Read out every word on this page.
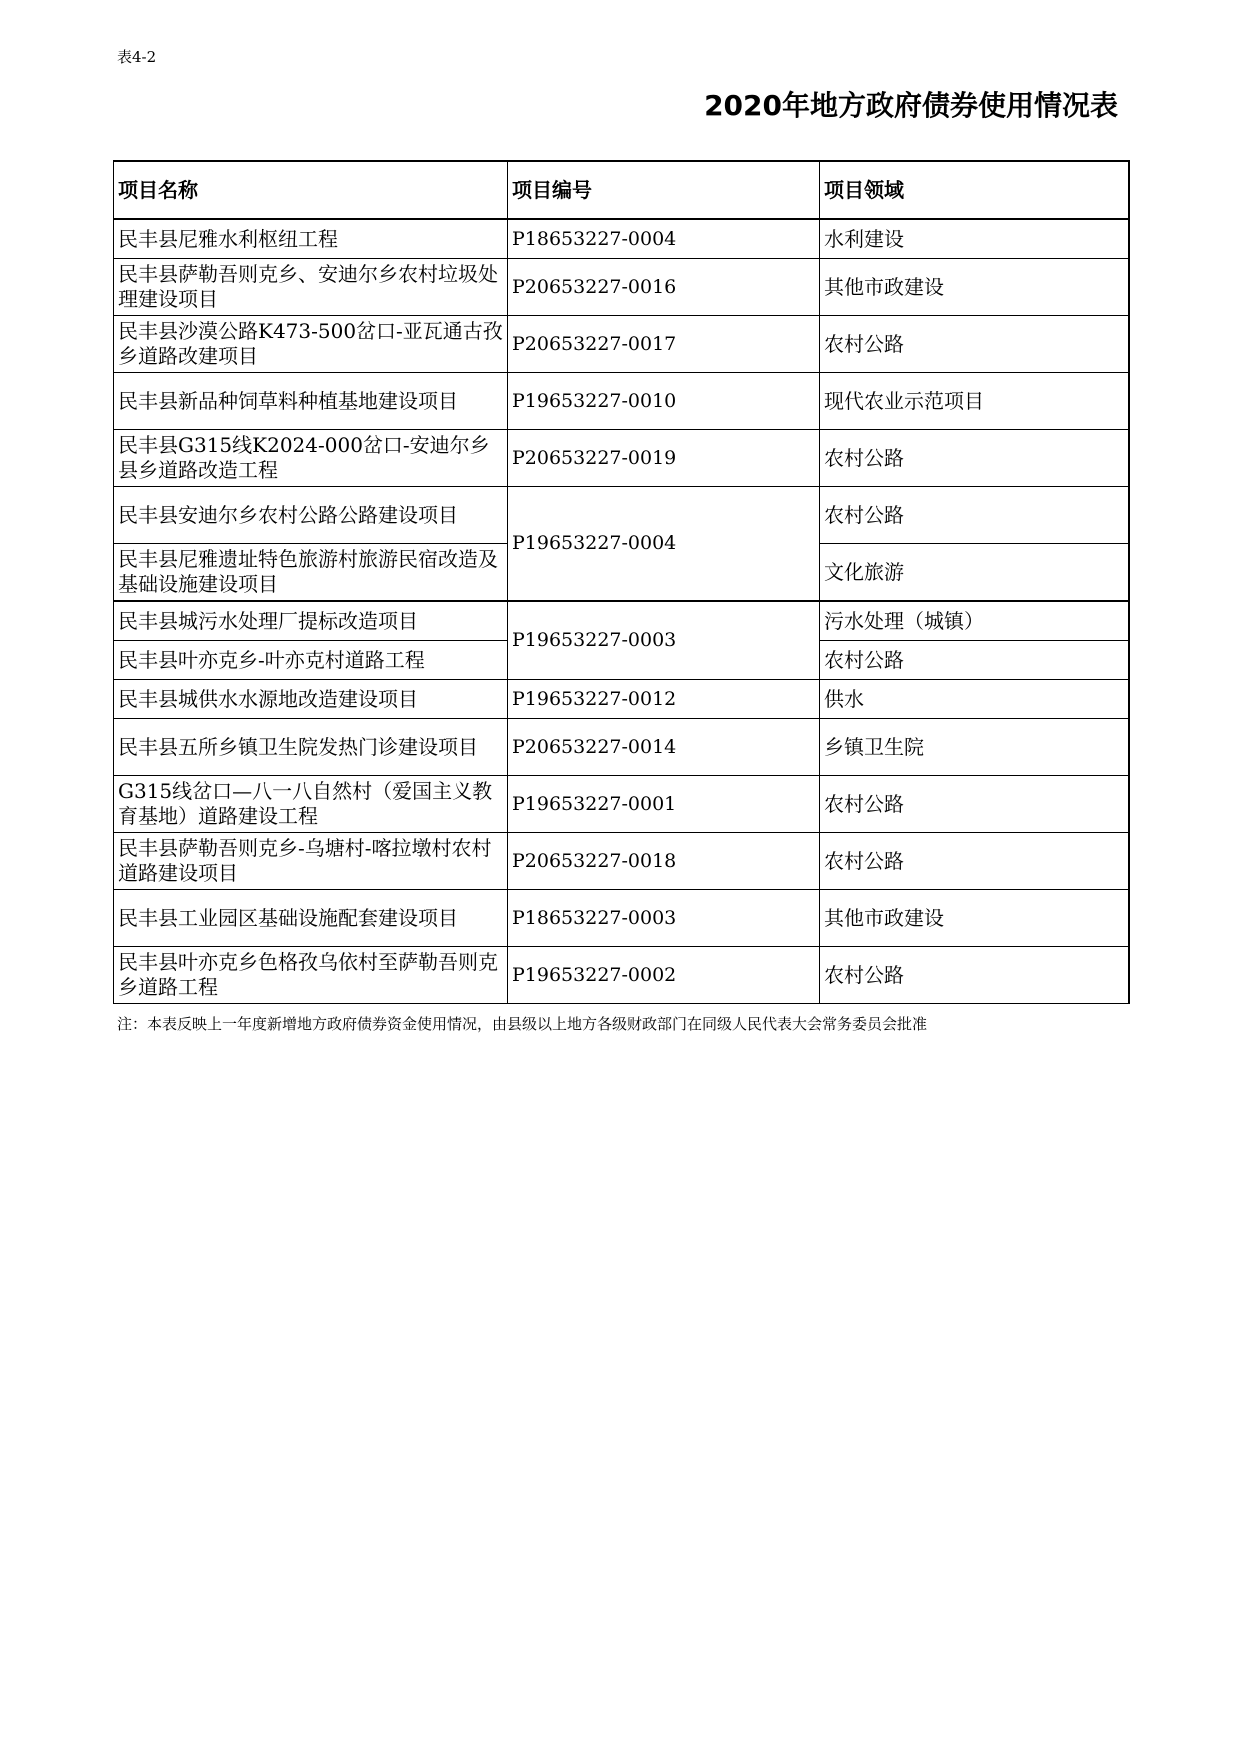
表4-2
2020年地方政府债券使用情况表
项目名称	项目编号	项目领域
民丰县尼雅水利枢纽工程	P18653227-0004	水利建设
民丰县萨勒吾则克乡、安迪尔乡农村垃圾处理建设项目	P20653227-0016	其他市政建设
民丰县沙漠公路K473-500岔口-亚瓦通古孜乡道路改建项目	P20653227-0017	农村公路
民丰县新品种饲草料种植基地建设项目	P19653227-0010	现代农业示范项目
民丰县G315线K2024-000岔口-安迪尔乡县乡道路改造工程	P20653227-0019	农村公路
民丰县安迪尔乡农村公路公路建设项目	P19653227-0004	农村公路
民丰县尼雅遗址特色旅游村旅游民宿改造及基础设施建设项目		文化旅游
民丰县城污水处理厂提标改造项目	P19653227-0003	污水处理（城镇）
民丰县叶亦克乡-叶亦克村道路工程		农村公路
民丰县城供水水源地改造建设项目	P19653227-0012	供水
民丰县五所乡镇卫生院发热门诊建设项目	P20653227-0014	乡镇卫生院
G315线岔口—八一八自然村（爱国主义教育基地）道路建设工程	P19653227-0001	农村公路
民丰县萨勒吾则克乡-乌塘村-喀拉墩村农村道路建设项目	P20653227-0018	农村公路
民丰县工业园区基础设施配套建设项目	P18653227-0003	其他市政建设
民丰县叶亦克乡色格孜乌依村至萨勒吾则克乡道路工程	P19653227-0002	农村公路
注：本表反映上一年度新增地方政府债券资金使用情况，由县级以上地方各级财政部门在同级人民代表大会常务委员会批准
